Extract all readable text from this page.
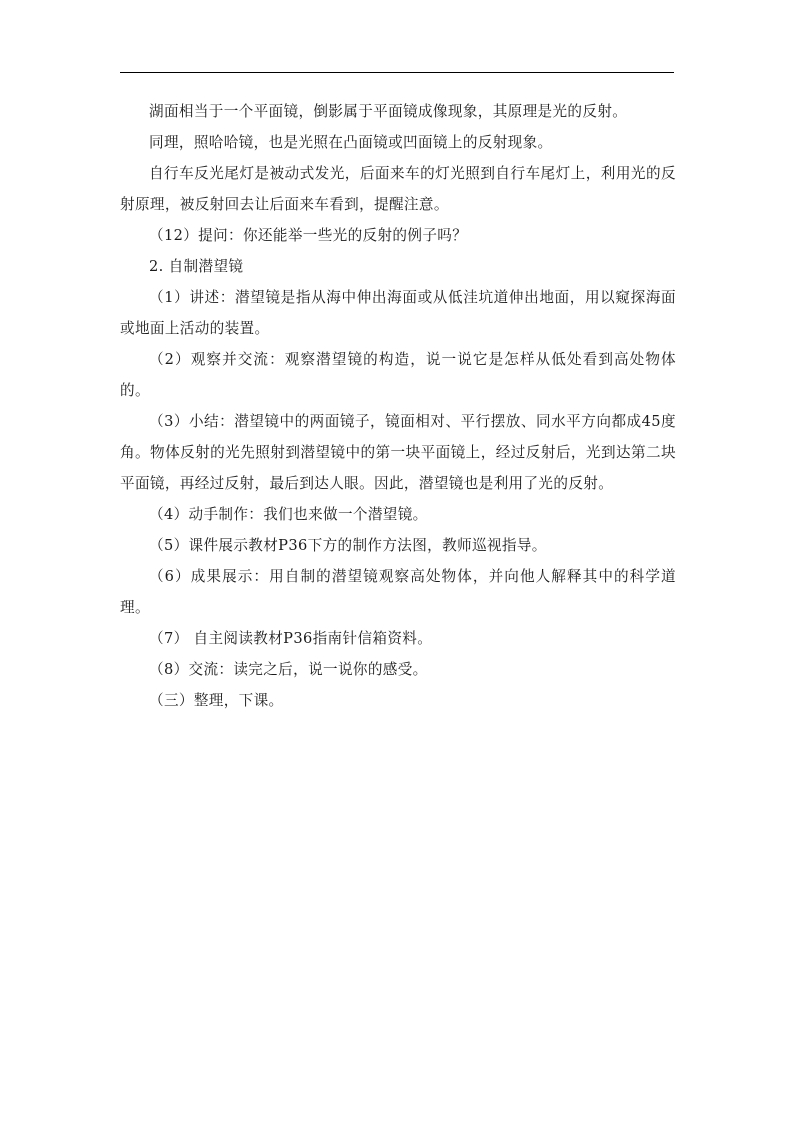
湖面相当于一个平面镜，倒影属于平面镜成像现象，其原理是光的反射。

同理，照哈哈镜，也是光照在凸面镜或凹面镜上的反射现象。

自行车反光尾灯是被动式发光，后面来车的灯光照到自行车尾灯上，利用光的反射原理，被反射回去让后面来车看到，提醒注意。

（12）提问：你还能举一些光的反射的例子吗？

2. 自制潜望镜

（1）讲述：潜望镜是指从海中伸出海面或从低洼坑道伸出地面，用以窥探海面或地面上活动的装置。

（2）观察并交流：观察潜望镜的构造，说一说它是怎样从低处看到高处物体的。

（3）小结：潜望镜中的两面镜子，镜面相对、平行摆放、同水平方向都成45度角。物体反射的光先照射到潜望镜中的第一块平面镜上，经过反射后，光到达第二块平面镜，再经过反射，最后到达人眼。因此，潜望镜也是利用了光的反射。

（4）动手制作：我们也来做一个潜望镜。

（5）课件展示教材P36下方的制作方法图，教师巡视指导。

（6）成果展示：用自制的潜望镜观察高处物体，并向他人解释其中的科学道理。

（7） 自主阅读教材P36指南针信箱资料。

（8）交流：读完之后，说一说你的感受。

（三）整理，下课。
